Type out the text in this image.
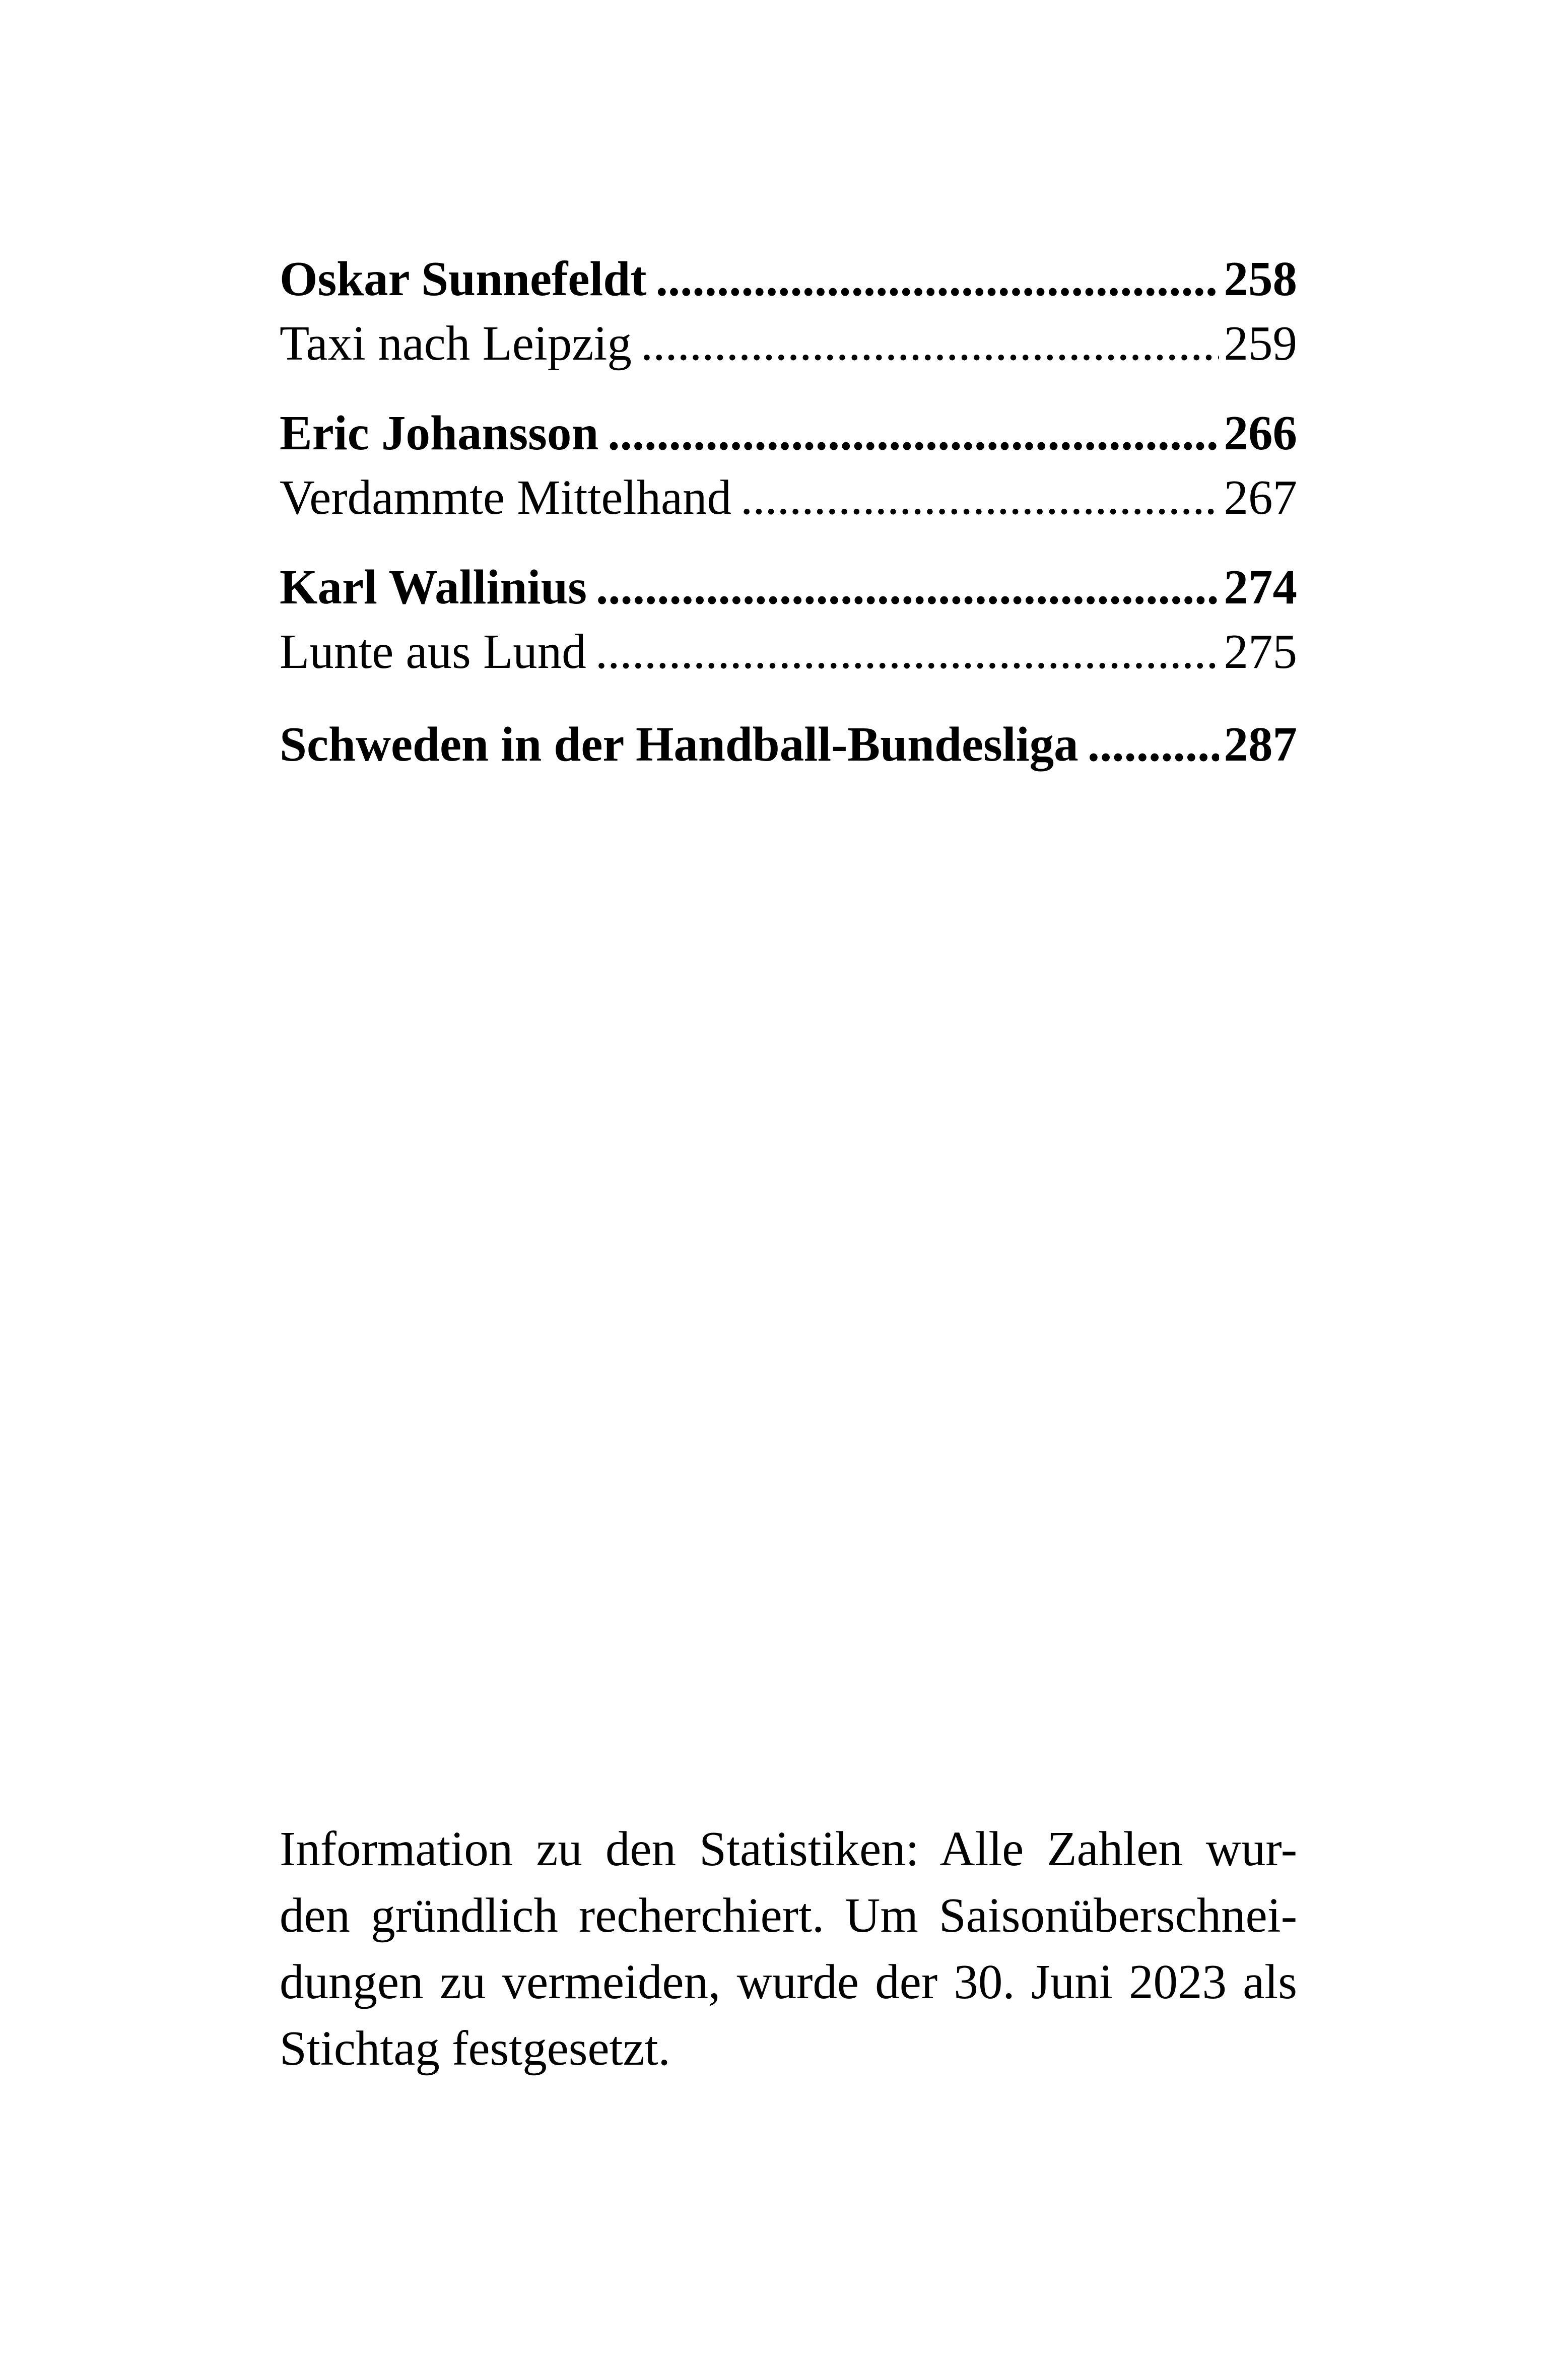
Oskar Sunnefeldt .....	258
Taxi nach Leipzig .....	259
Eric Johansson .....	266
Verdammte Mittelhand .....	267
Karl Wallinius .....	274
Lunte aus Lund .....	275
Schweden in der Handball-Bundesliga .....	287
Information zu den Statistiken: Alle Zahlen wur-
den gründlich recherchiert. Um Saisonüberschnei-
dungen zu vermeiden, wurde der 30. Juni 2023 als
Stichtag festgesetzt.
